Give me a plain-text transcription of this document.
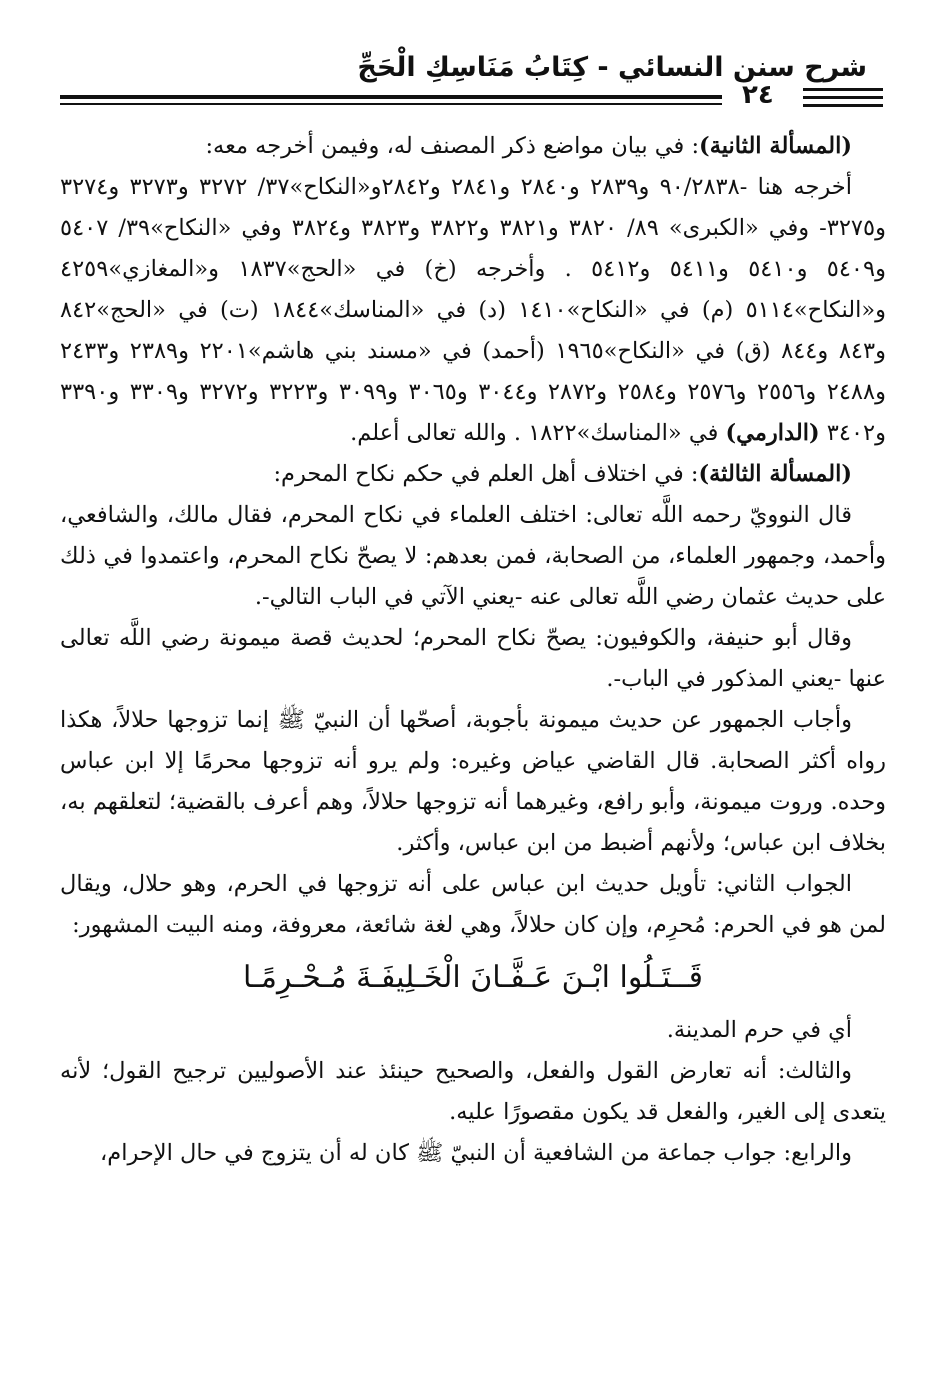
شرح سنن النسائي - كِتَابُ مَنَاسِكِ الْحَجِّ
٢٤

(المسألة الثانية): في بيان مواضع ذكر المصنف له، وفيمن أخرجه معه:

أخرجه هنا -٩٠/٢٨٣٨ و٢٨٣٩ و٢٨٤٠ و٢٨٤١ و٢٨٤٢و«النكاح»٣٧/ ٣٢٧٢ و٣٢٧٣ و٣٢٧٤ و٣٢٧٥- وفي «الكبرى» ٨٩/ ٣٨٢٠ و٣٨٢١ و٣٨٢٢ و٣٨٢٣ و٣٨٢٤ وفي «النكاح»٣٩/ ٥٤٠٧ و٥٤٠٩ و٥٤١٠ و٥٤١١ و٥٤١٢ . وأخرجه (خ) في «الحج»١٨٣٧ و«المغازي»٤٢٥٩ و«النكاح»٥١١٤ (م) في «النكاح»١٤١٠ (د) في «المناسك»١٨٤٤ (ت) في «الحج»٨٤٢ و٨٤٣ و٨٤٤ (ق) في «النكاح»١٩٦٥ (أحمد) في «مسند بني هاشم»٢٢٠١ و٢٣٨٩ و٢٤٣٣ و٢٤٨٨ و٢٥٥٦ و٢٥٧٦ و٢٥٨٤ و٢٨٧٢ و٣٠٤٤ و٣٠٦٥ و٣٠٩٩ و٣٢٢٣ و٣٢٧٢ و٣٣٠٩ و٣٣٩٠ و٣٤٠٢ (الدارمي) في «المناسك»١٨٢٢ . والله تعالى أعلم.

(المسألة الثالثة): في اختلاف أهل العلم في حكم نكاح المحرم:

قال النوويّ رحمه اللَّه تعالى: اختلف العلماء في نكاح المحرم، فقال مالك، والشافعي، وأحمد، وجمهور العلماء، من الصحابة، فمن بعدهم: لا يصحّ نكاح المحرم، واعتمدوا في ذلك على حديث عثمان رضي اللَّه تعالى عنه -يعني الآتي في الباب التالي-.

وقال أبو حنيفة، والكوفيون: يصحّ نكاح المحرم؛ لحديث قصة ميمونة رضي اللَّه تعالى عنها -يعني المذكور في الباب-.

وأجاب الجمهور عن حديث ميمونة بأجوبة، أصحّها أن النبيّ ﷺ إنما تزوجها حلالاً، هكذا رواه أكثر الصحابة. قال القاضي عياض وغيره: ولم يرو أنه تزوجها محرمًا إلا ابن عباس وحده. وروت ميمونة، وأبو رافع، وغيرهما أنه تزوجها حلالاً، وهم أعرف بالقضية؛ لتعلقهم به، بخلاف ابن عباس؛ ولأنهم أضبط من ابن عباس، وأكثر.

الجواب الثاني: تأويل حديث ابن عباس على أنه تزوجها في الحرم، وهو حلال، ويقال لمن هو في الحرم: مُحرِم، وإن كان حلالاً، وهي لغة شائعة، معروفة، ومنه البيت المشهور:

قَــتَـلُوا ابْـنَ عَـفَّـانَ الْخَـلِيفَـةَ مُـحْـرِمًـا

أي في حرم المدينة.

والثالث: أنه تعارض القول والفعل، والصحيح حينئذ عند الأصوليين ترجيح القول؛ لأنه يتعدى إلى الغير، والفعل قد يكون مقصورًا عليه.

والرابع: جواب جماعة من الشافعية أن النبيّ ﷺ كان له أن يتزوج في حال الإحرام،
